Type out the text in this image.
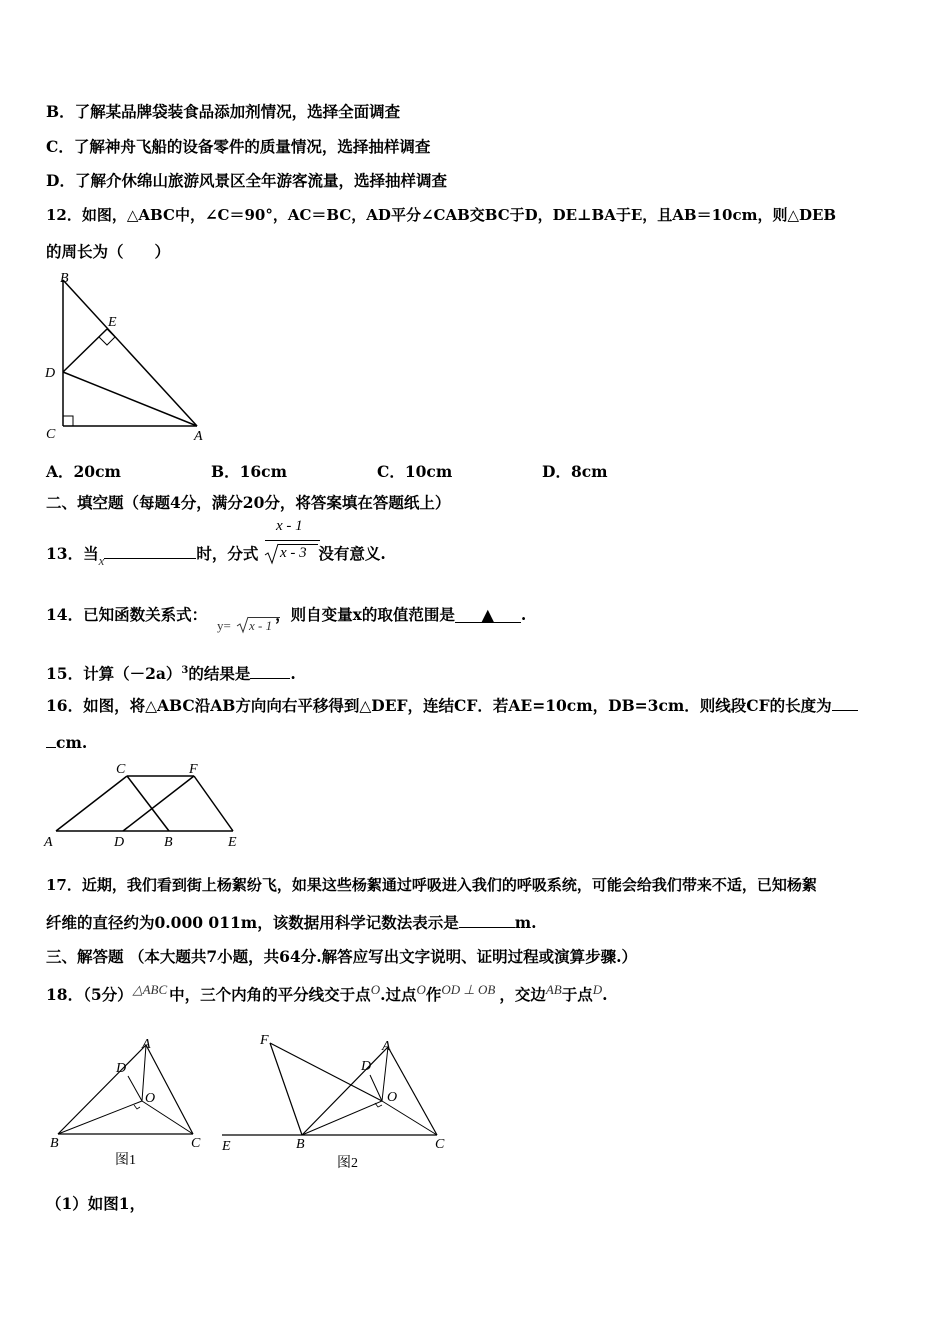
B．了解某品牌袋装食品添加剂情况，选择全面调查
C．了解神舟飞船的设备零件的质量情况，选择抽样调查
D．了解介休绵山旅游风景区全年游客流量，选择抽样调查
12．如图，△ABC中，∠C＝90°，AC＝BC，AD平分∠CAB交BC于D，DE⊥BA于E，且AB＝10cm，则△DEB
的周长为（　　）
B
E
D
C	A
A．20cm	B．16cm	C．10cm	D．8cm
二、填空题（每题4分，满分20分，将答案填在答题纸上）
13．当$_x$	时，分式	没有意义.
x - 1
x - 3
14．已知函数关系式：	，则自变量x的取值范围是 ▲ .
y= x - 1
15．计算$(-2a)^3$的结果是	.
16．如图，将△ABC沿AB方向向右平移得到△DEF，连结CF．若AE=10cm，DB=3cm．则线段CF的长度为
cm.
C	F
A	D	B	E
17．近期，我们看到街上杨絮纷飞，如果这些杨絮通过呼吸进入我们的呼吸系统，可能会给我们带来不适，已知杨絮
纤维的直径约为0.000 011m，该数据用科学记数法表示是	m.
三、解答题 （本大题共7小题，共64分.解答应写出文字说明、证明过程或演算步骤.）
18．（5分）$^{\triangle ABC}$ 中，三个内角的平分线交于点$^O$.过点$^O$作$^{OD \perp OB}$ ，交边$^{AB}$于点$^D$.
A
D
O
B	C
图1
F	A
D
O
E	B	C
图2
（1）如图1，
